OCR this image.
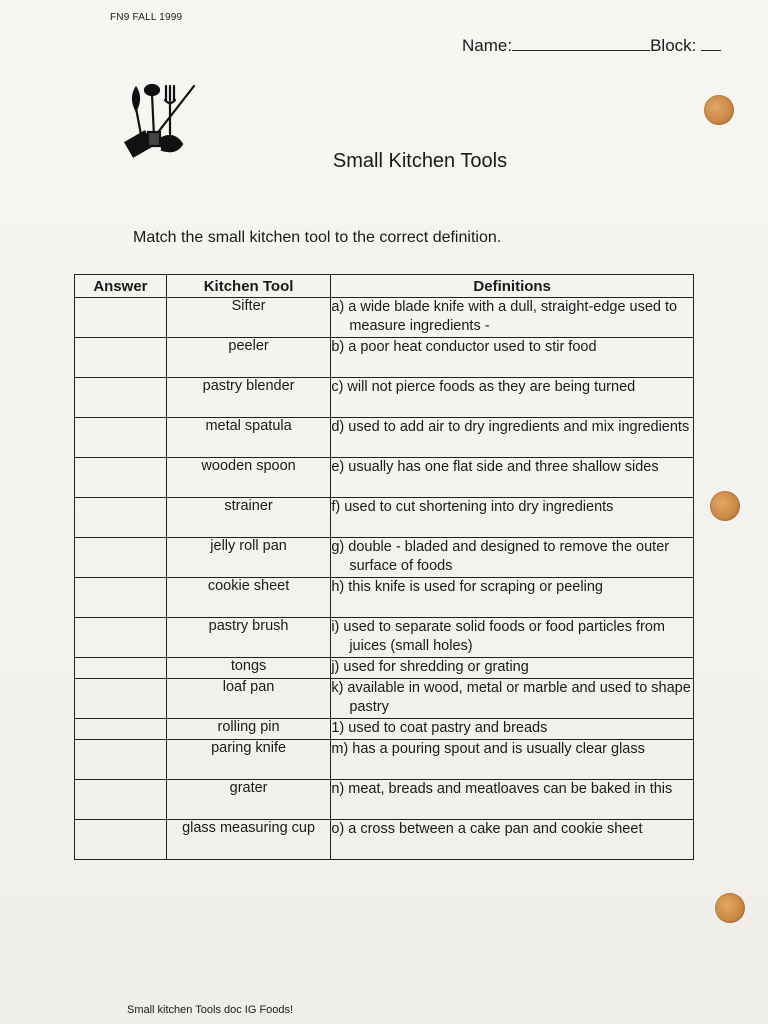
FN9 FALL 1999
Name:	Block:
Small Kitchen Tools
Match the small kitchen tool to the correct definition.
Answer	Kitchen Tool	Definitions
	Sifter	a) a wide blade knife with a dull, straight-edge used to measure ingredients -

	peeler	b) a poor heat conductor used to stir food

	pastry blender	c) will not pierce foods as they are being turned

	metal spatula	d) used to add air to dry ingredients and mix ingredients

	wooden spoon	e) usually has one flat side and three shallow sides

	strainer	f) used to cut shortening into dry ingredients

	jelly roll pan	g) double - bladed and designed to remove the outer surface of foods

	cookie sheet	h) this knife is used for scraping or peeling

	pastry brush	i) used to separate solid foods or food particles from juices (small holes)

	tongs	j) used for shredding or grating

	loaf pan	k) available in wood, metal or marble and used to shape pastry

	rolling pin	1) used to coat pastry and breads

	paring knife	m) has a pouring spout and is usually clear glass

	grater	n) meat, breads and meatloaves can be baked in this

	glass measuring cup	o) a cross between a cake pan and cookie sheet
Small kitchen Tools doc IG Foods!
